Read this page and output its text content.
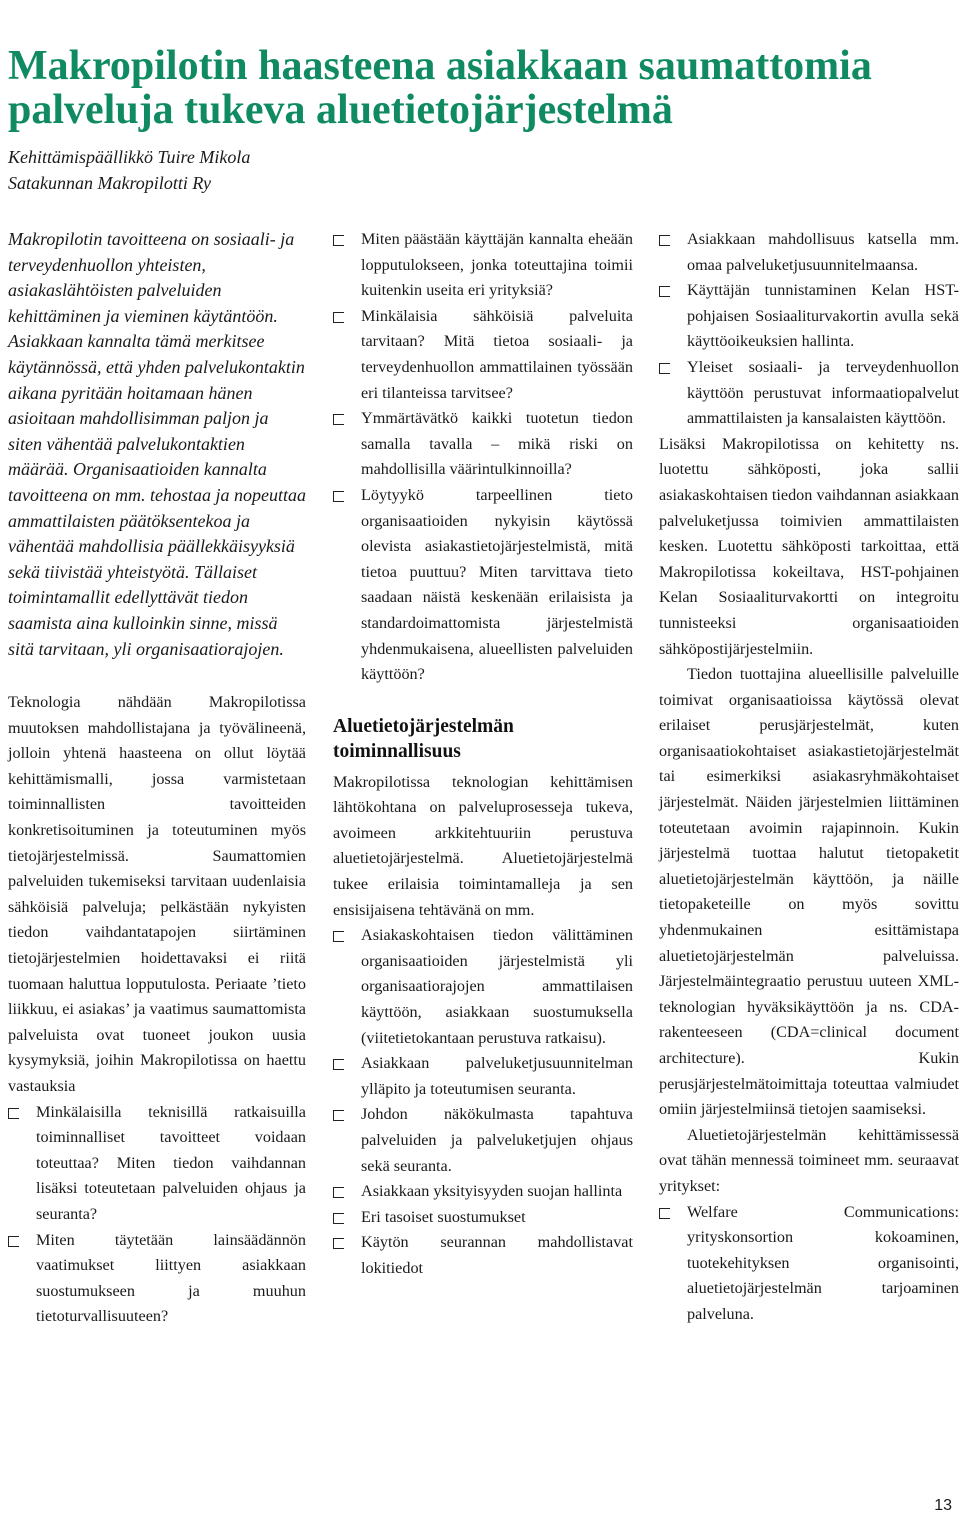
Makropilotin haasteena asiakkaan saumattomia palveluja tukeva aluetietojärjestelmä
Kehittämispäällikkö Tuire Mikola
Satakunnan Makropilotti Ry

Makropilotin tavoitteena on sosiaali- ja terveydenhuollon yhteisten, asiakaslähtöisten palveluiden kehittäminen ja vieminen käytäntöön. Asiakkaan kannalta tämä merkitsee käytännössä, että yhden palvelukontaktin aikana pyritään hoitamaan hänen asioitaan mahdollisimman paljon ja siten vähentää palvelukontaktien määrää. Organisaatioiden kannalta tavoitteena on mm. tehostaa ja nopeuttaa ammattilaisten päätöksentekoa ja vähentää mahdollisia päällekkäisyyksiä sekä tiivistää yhteistyötä. Tällaiset toimintamallit edellyttävät tiedon saamista aina kulloinkin sinne, missä sitä tarvitaan, yli organisaatiorajojen.

Teknologia nähdään Makropilotissa muutoksen mahdollistajana ja työvälineenä, jolloin yhtenä haasteena on ollut löytää kehittämismalli, jossa varmistetaan toiminnallisten tavoitteiden konkretisoituminen ja toteutuminen myös tietojärjestelmissä. Saumattomien palveluiden tukemiseksi tarvitaan uudenlaisia sähköisiä palveluja; pelkästään nykyisten tiedon vaihdantatapojen siirtäminen tietojärjestelmien hoidettavaksi ei riitä tuomaan haluttua lopputulosta. Periaate ’tieto liikkuu, ei asiakas’ ja vaatimus saumattomista palveluista ovat tuoneet joukon uusia kysymyksiä, joihin Makropilotissa on haettu vastauksia

Minkälaisilla teknisillä ratkaisuilla toiminnalliset tavoitteet voidaan toteuttaa? Miten tiedon vaihdannan lisäksi toteutetaan palveluiden ohjaus ja seuranta?
Miten täytetään lainsäädännön vaatimukset liittyen asiakkaan suostumukseen ja muuhun tietoturvallisuuteen?
Miten päästään käyttäjän kannalta eheään lopputulokseen, jonka toteuttajina toimii kuitenkin useita eri yrityksiä?
Minkälaisia sähköisiä palveluita tarvitaan? Mitä tietoa sosiaali- ja terveydenhuollon ammattilainen työssään eri tilanteissa tarvitsee?
Ymmärtävätkö kaikki tuotetun tiedon samalla tavalla – mikä riski on mahdollisilla väärintulkinnoilla?
Löytyykö tarpeellinen tieto organisaatioiden nykyisin käytössä olevista asiakastietojärjestelmistä, mitä tietoa puuttuu? Miten tarvittava tieto saadaan näistä keskenään erilaisista ja standardoimattomista järjestelmistä yhdenmukaisena, alueellisten palveluiden käyttöön?
Aluetietojärjestelmän toiminnallisuus

Makropilotissa teknologian kehittämisen lähtökohtana on palveluprosesseja tukeva, avoimeen arkkitehtuuriin perustuva aluetietojärjestelmä. Aluetietojärjestelmä tukee erilaisia toimintamalleja ja sen ensisijaisena tehtävänä on mm.

Asiakaskohtaisen tiedon välittäminen organisaatioiden järjestelmistä yli organisaatiorajojen ammattilaisen käyttöön, asiakkaan suostumuksella (viitetietokantaan perustuva ratkaisu).
Asiakkaan palveluketjusuunnitelman ylläpito ja toteutumisen seuranta.
Johdon näkökulmasta tapahtuva palveluiden ja palveluketjujen ohjaus sekä seuranta.
Asiakkaan yksityisyyden suojan hallinta
Eri tasoiset suostumukset
Käytön seurannan mahdollistavat lokitiedot
Asiakkaan mahdollisuus katsella mm. omaa palveluketjusuunnitelmaansa.
Käyttäjän tunnistaminen Kelan HST-pohjaisen Sosiaaliturvakortin avulla sekä käyttöoikeuksien hallinta.
Yleiset sosiaali- ja terveydenhuollon käyttöön perustuvat informaatiopalvelut ammattilaisten ja kansalaisten käyttöön.

Lisäksi Makropilotissa on kehitetty ns. luotettu sähköposti, joka sallii asiakaskohtaisen tiedon vaihdannan asiakkaan palveluketjussa toimivien ammattilaisten kesken. Luotettu sähköposti tarkoittaa, että Makropilotissa kokeiltava, HST-pohjainen Kelan Sosiaaliturvakortti on integroitu tunnisteeksi organisaatioiden sähköpostijärjestelmiin.

Tiedon tuottajina alueellisille palveluille toimivat organisaatioissa käytössä olevat erilaiset perusjärjestelmät, kuten organisaatiokohtaiset asiakastietojärjestelmät tai esimerkiksi asiakasryhmäkohtaiset järjestelmät. Näiden järjestelmien liittäminen toteutetaan avoimin rajapinnoin. Kukin järjestelmä tuottaa halutut tietopaketit aluetietojärjestelmän käyttöön, ja näille tietopaketeille on myös sovittu yhdenmukainen esittämistapa aluetietojärjestelmän palveluissa. Järjestelmäintegraatio perustuu uuteen XML-teknologian hyväksikäyttöön ja ns. CDA-rakenteeseen (CDA=clinical document architecture). Kukin perusjärjestelmätoimittaja toteuttaa valmiudet omiin järjestelmiinsä tietojen saamiseksi.

Aluetietojärjestelmän kehittämissessä ovat tähän mennessä toimineet mm. seuraavat yritykset:

Welfare Communications: yrityskonsortion kokoaminen, tuotekehityksen organisointi, aluetietojärjestelmän tarjoaminen palveluna.
13
